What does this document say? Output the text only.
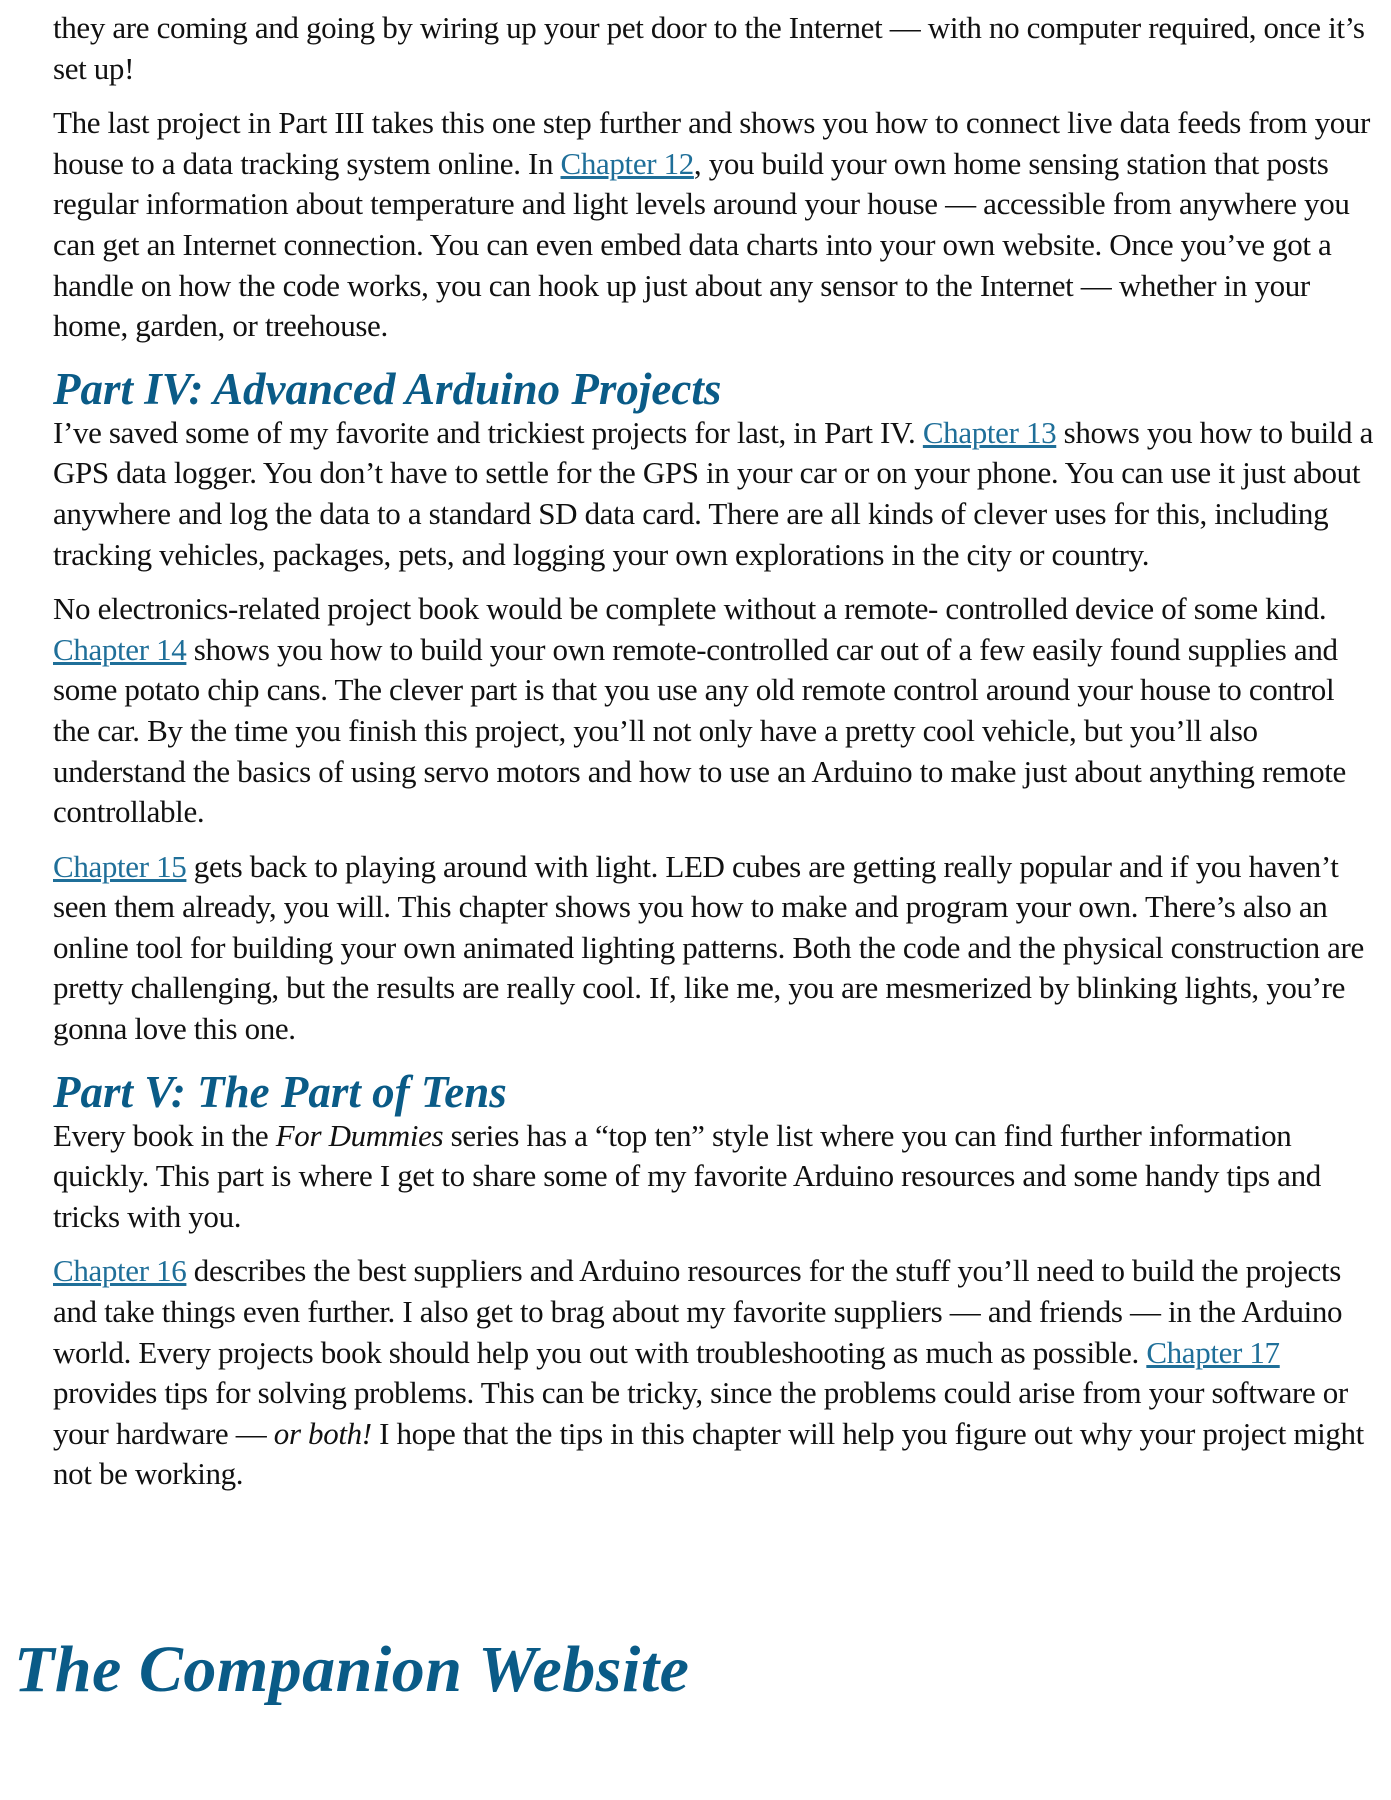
they are coming and going by wiring up your pet door to the Internet — with no computer required, once it’s set up!

The last project in Part III takes this one step further and shows you how to connect live data feeds from your house to a data tracking system online. In Chapter 12, you build your own home sensing station that posts regular information about temperature and light levels around your house — accessible from anywhere you can get an Internet connection. You can even embed data charts into your own website. Once you’ve got a handle on how the code works, you can hook up just about any sensor to the Internet — whether in your home, garden, or treehouse.

Part IV: Advanced Arduino Projects

I’ve saved some of my favorite and trickiest projects for last, in Part IV. Chapter 13 shows you how to build a GPS data logger. You don’t have to settle for the GPS in your car or on your phone. You can use it just about anywhere and log the data to a standard SD data card. There are all kinds of clever uses for this, including tracking vehicles, packages, pets, and logging your own explorations in the city or country.

No electronics-related project book would be complete without a remote- controlled device of some kind. Chapter 14 shows you how to build your own remote-controlled car out of a few easily found supplies and some potato chip cans. The clever part is that you use any old remote control around your house to control the car. By the time you finish this project, you’ll not only have a pretty cool vehicle, but you’ll also understand the basics of using servo motors and how to use an Arduino to make just about anything remote controllable.

Chapter 15 gets back to playing around with light. LED cubes are getting really popular and if you haven’t seen them already, you will. This chapter shows you how to make and program your own. There’s also an online tool for building your own animated lighting patterns. Both the code and the physical construction are pretty challenging, but the results are really cool. If, like me, you are mesmerized by blinking lights, you’re gonna love this one.

Part V: The Part of Tens

Every book in the For Dummies series has a “top ten” style list where you can find further information quickly. This part is where I get to share some of my favorite Arduino resources and some handy tips and tricks with you.

Chapter 16 describes the best suppliers and Arduino resources for the stuff you’ll need to build the projects and take things even further. I also get to brag about my favorite suppliers — and friends — in the Arduino world. Every projects book should help you out with troubleshooting as much as possible. Chapter 17 provides tips for solving problems. This can be tricky, since the problems could arise from your software or your hardware — or both! I hope that the tips in this chapter will help you figure out why your project might not be working.

The Companion Website
